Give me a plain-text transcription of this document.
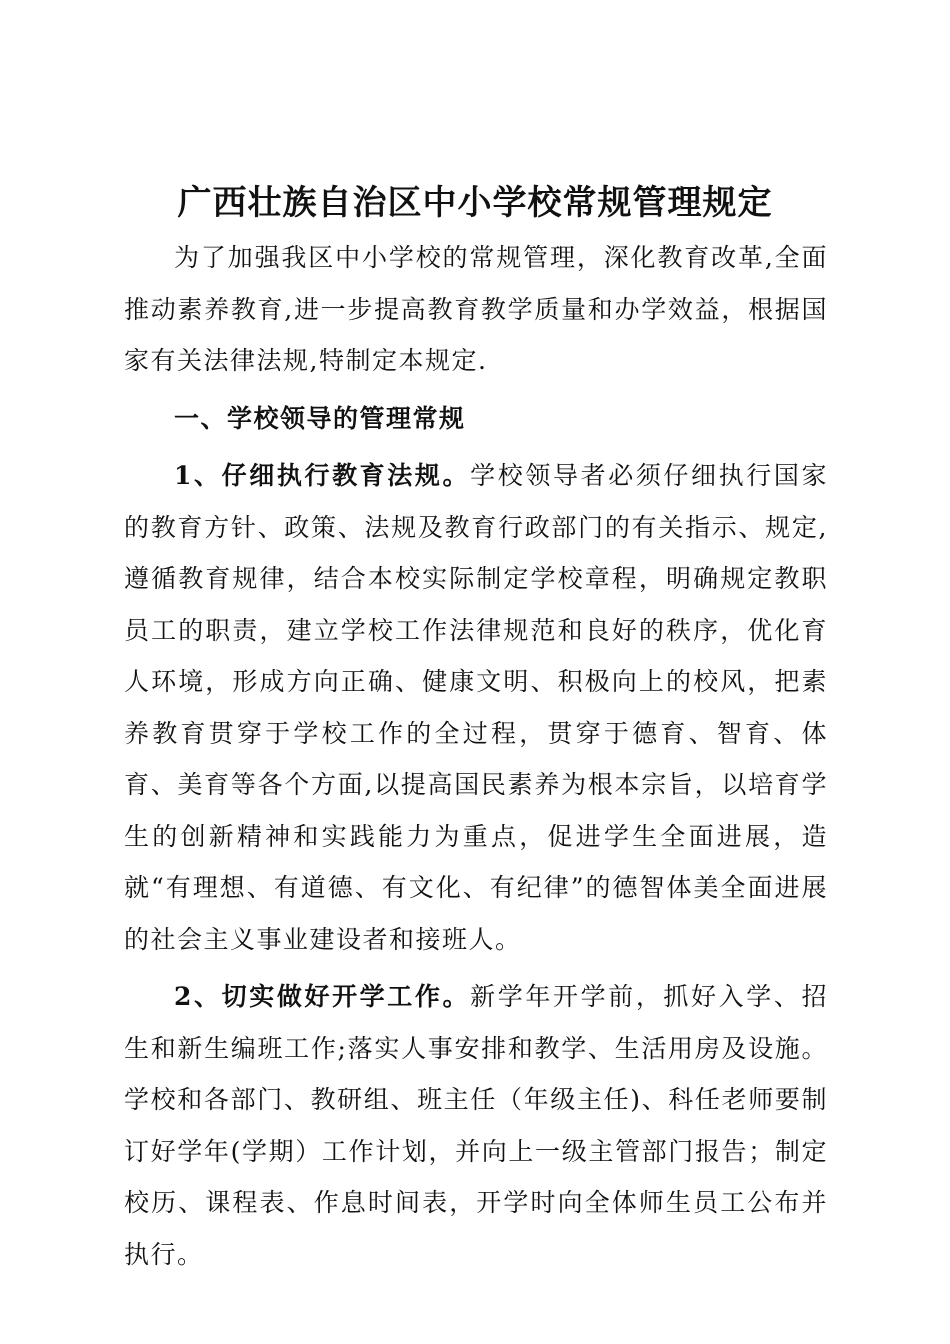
广西壮族自治区中小学校常规管理规定

为了加强我区中小学校的常规管理，深化教育改革,全面推动素养教育,进一步提高教育教学质量和办学效益，根据国家有关法律法规,特制定本规定.

一、学校领导的管理常规

1、仔细执行教育法规。学校领导者必须仔细执行国家的教育方针、政策、法规及教育行政部门的有关指示、规定,遵循教育规律，结合本校实际制定学校章程，明确规定教职员工的职责，建立学校工作法律规范和良好的秩序，优化育人环境，形成方向正确、健康文明、积极向上的校风，把素养教育贯穿于学校工作的全过程，贯穿于德育、智育、体育、美育等各个方面,以提高国民素养为根本宗旨，以培育学生的创新精神和实践能力为重点，促进学生全面进展，造就“有理想、有道德、有文化、有纪律”的德智体美全面进展的社会主义事业建设者和接班人。

2、切实做好开学工作。新学年开学前，抓好入学、招生和新生编班工作;落实人事安排和教学、生活用房及设施。学校和各部门、教研组、班主任（年级主任)、科任老师要制订好学年(学期）工作计划，并向上一级主管部门报告；制定校历、课程表、作息时间表，开学时向全体师生员工公布并执行。
